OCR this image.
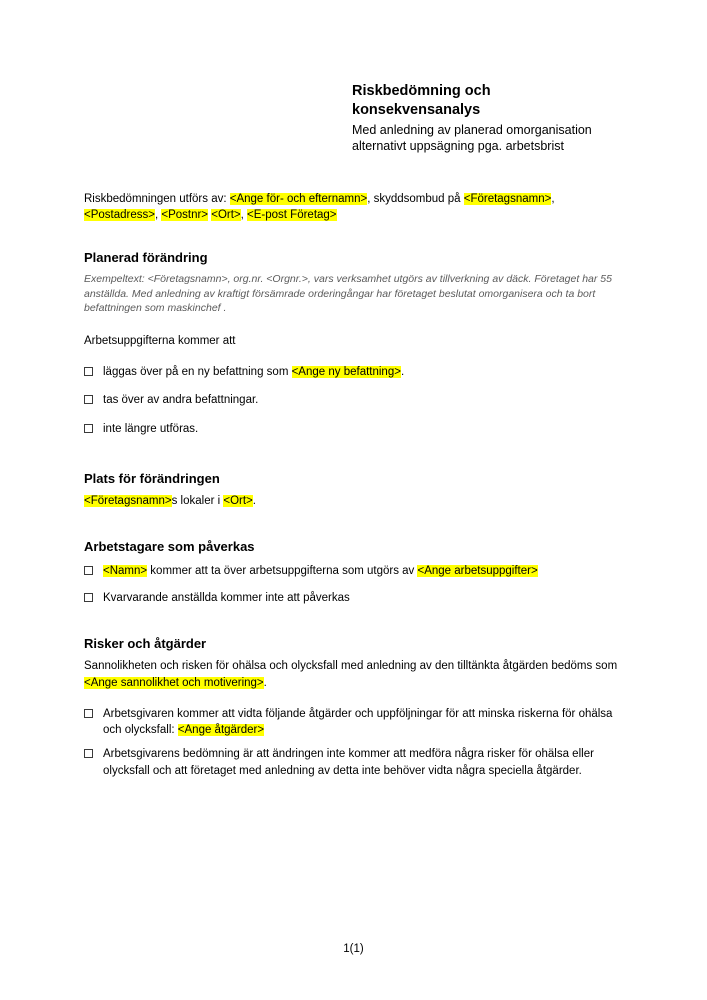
Riskbedömning och konsekvensanalys

Med anledning av planerad omorganisation alternativt uppsägning pga. arbetsbrist

Riskbedömningen utförs av: <Ange för- och efternamn>, skyddsombud på <Företagsnamn>, <Postadress>, <Postnr> <Ort>, <E-post Företag>

Planerad förändring

Exempeltext: <Företagsnamn>, org.nr. <Orgnr.>, vars verksamhet utgörs av tillverkning av däck. Företaget har 55 anställda. Med anledning av kraftigt försämrade orderingångar har företaget beslutat omorganisera och ta bort befattningen som maskinchef .

Arbetsuppgifterna kommer att

läggas över på en ny befattning som <Ange ny befattning>.
tas över av andra befattningar.
inte längre utföras.
Plats för förändringen

<Företagsnamn>s lokaler i <Ort>.

Arbetstagare som påverkas
<Namn> kommer att ta över arbetsuppgifterna som utgörs av <Ange arbetsuppgifter>
Kvarvarande anställda kommer inte att påverkas
Risker och åtgärder

Sannolikheten och risken för ohälsa och olycksfall med anledning av den tilltänkta åtgärden bedöms som <Ange sannolikhet och motivering>.

Arbetsgivaren kommer att vidta följande åtgärder och uppföljningar för att minska riskerna för ohälsa och olycksfall: <Ange åtgärder>
Arbetsgivarens bedömning är att ändringen inte kommer att medföra några risker för ohälsa eller olycksfall och att företaget med anledning av detta inte behöver vidta några speciella åtgärder.
1(1)
